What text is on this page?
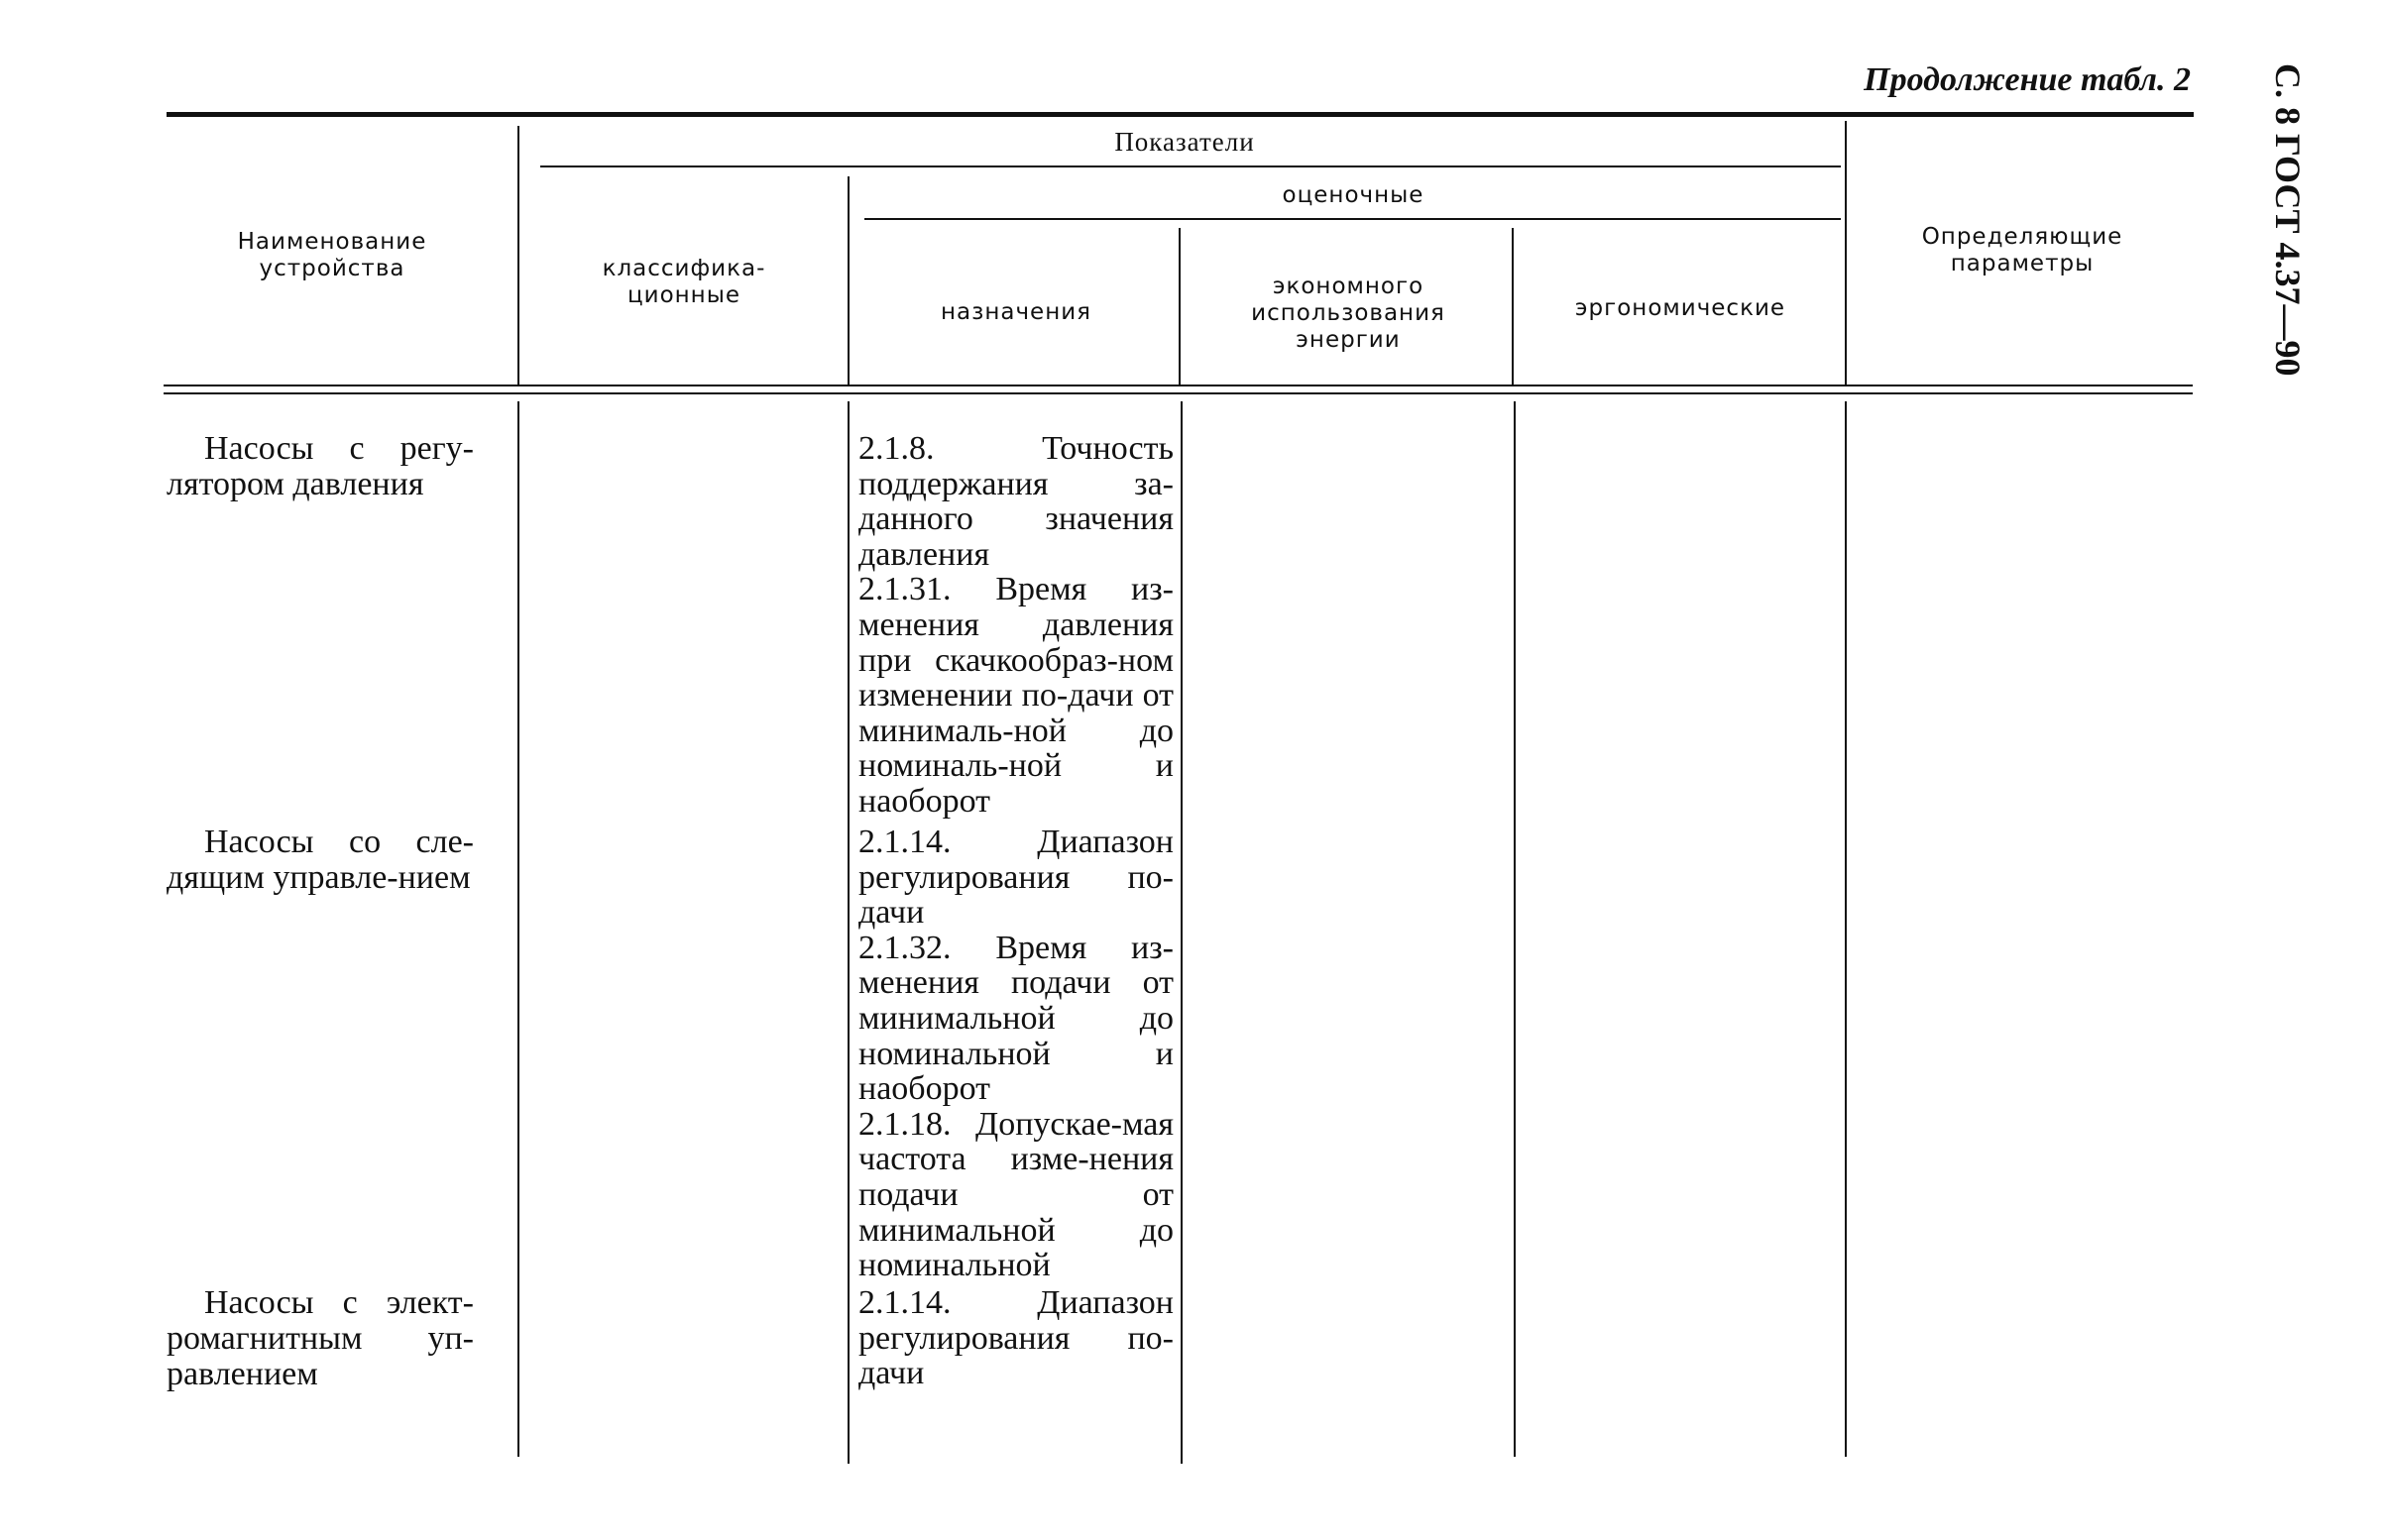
Продолжение табл. 2 С. 8 ГОСТ 4.37—90
Наименование устройства
Показатели
классифика-ционные
оценочные
назначения
экономного использования энергии
эргономические
Определяющие параметры
Насосы с регу-лятором давления
Насосы со сле-дящим управле-нием
Насосы с элект-ромагнитным уп-равлением
2.1.8. Точность поддержания за-данного значения давления
2.1.31. Время из-менения давления при скачкообраз-ном изменении по-дачи от минималь-ной до номиналь-ной и наоборот
2.1.14. Диапазон регулирования по-дачи
2.1.32. Время из-менения подачи от минимальной до номинальной и наоборот
2.1.18. Допускае-мая частота изме-нения подачи от минимальной до номинальной
2.1.14. Диапазон регулирования по-дачи
